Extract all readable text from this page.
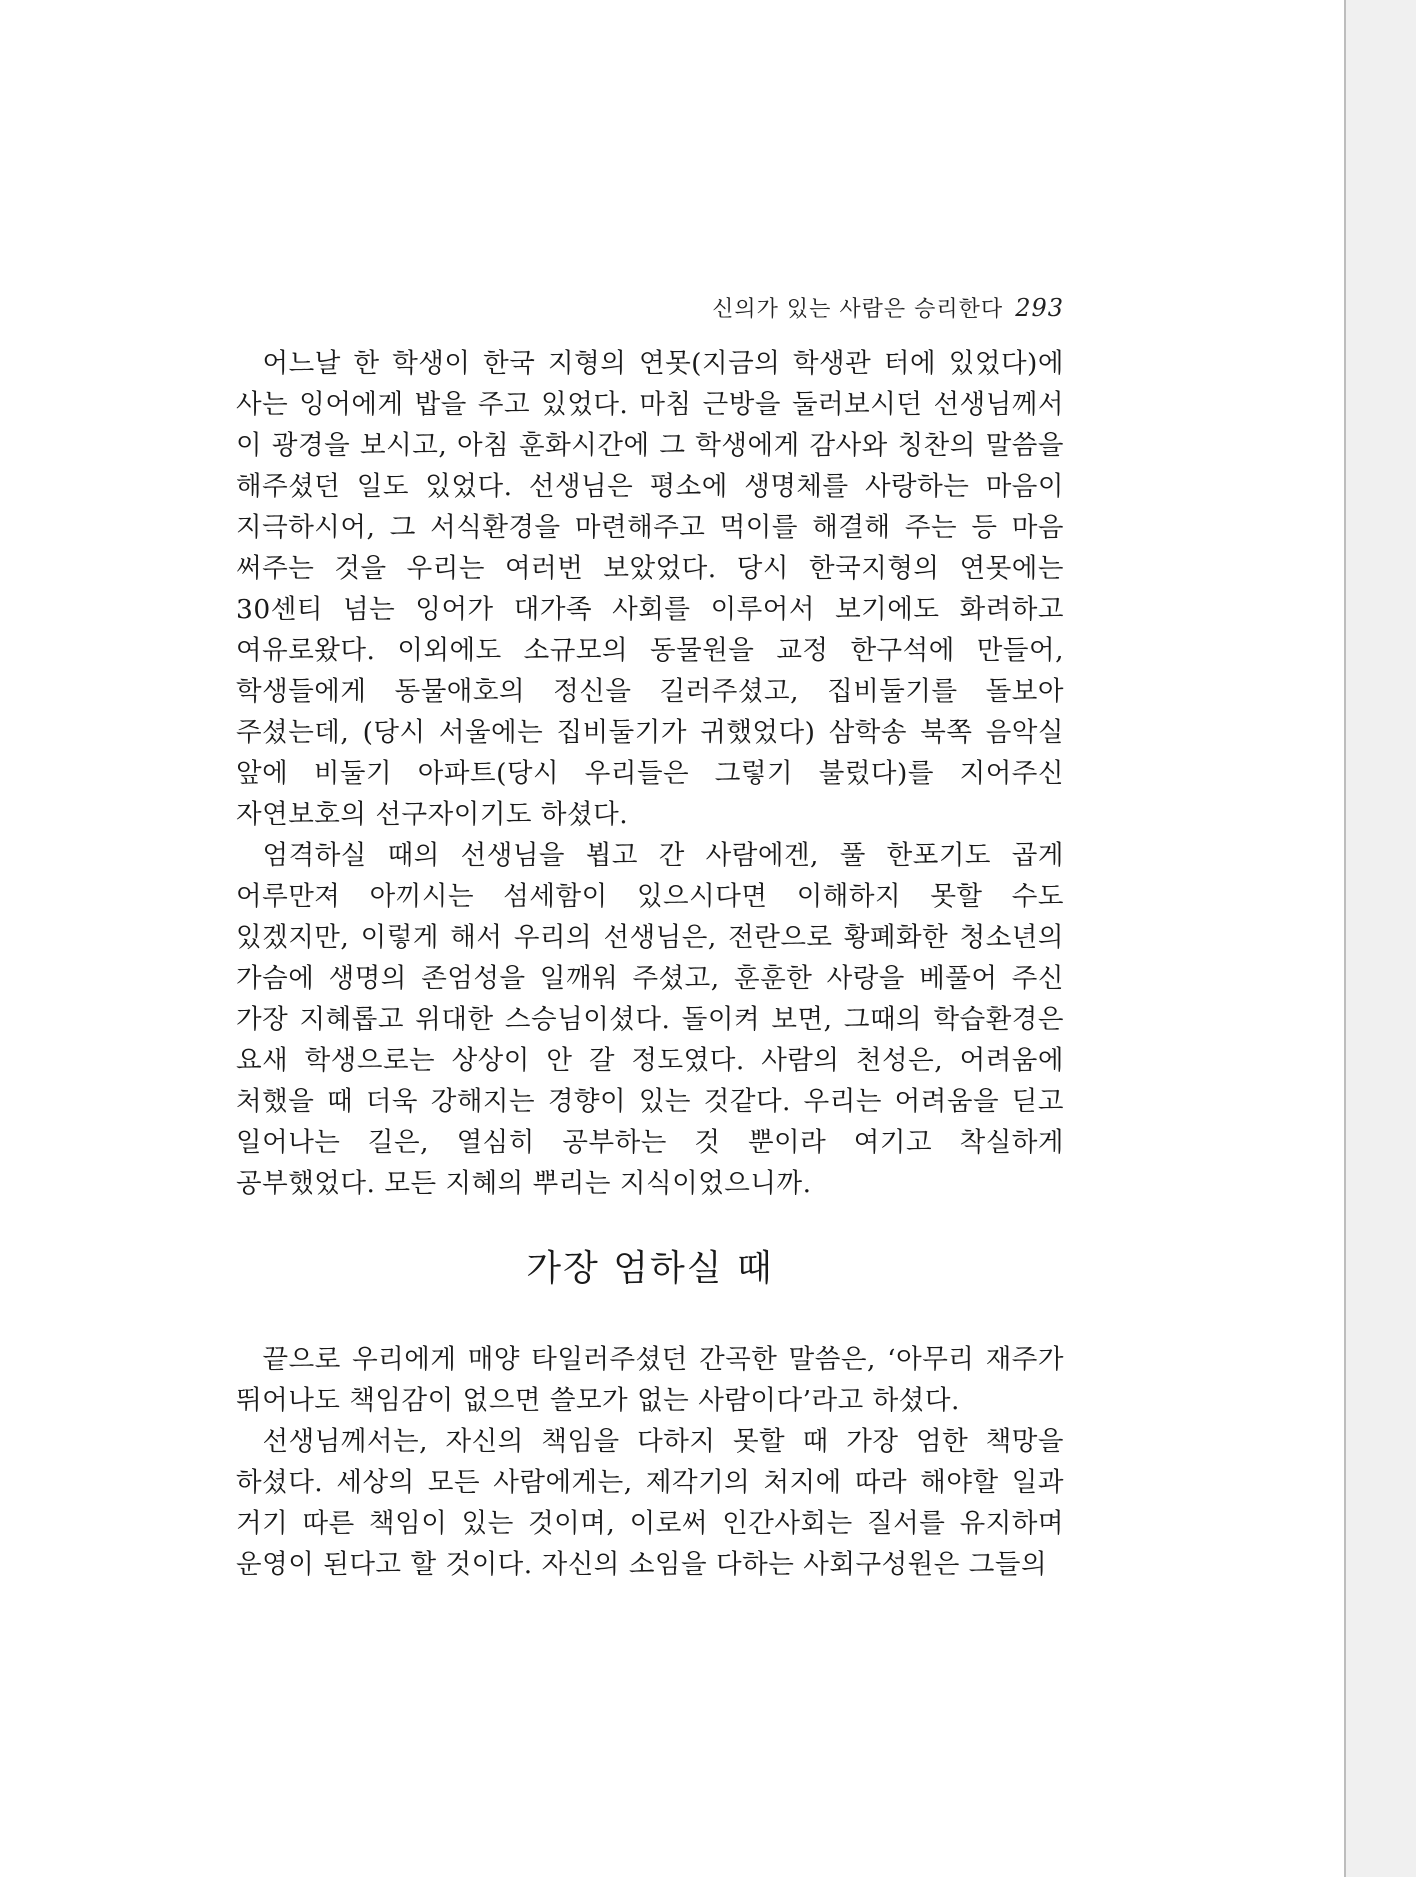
신의가 있는 사람은 승리한다 293

어느날 한 학생이 한국 지형의 연못(지금의 학생관 터에 있었다)에 사는 잉어에게 밥을 주고 있었다. 마침 근방을 둘러보시던 선생님께서 이 광경을 보시고, 아침 훈화시간에 그 학생에게 감사와 칭찬의 말씀을 해주셨던 일도 있었다. 선생님은 평소에 생명체를 사랑하는 마음이 지극하시어, 그 서식환경을 마련해주고 먹이를 해결해 주는 등 마음 써주는 것을 우리는 여러번 보았었다. 당시 한국지형의 연못에는 30센티 넘는 잉어가 대가족 사회를 이루어서 보기에도 화려하고 여유로왔다. 이외에도 소규모의 동물원을 교정 한구석에 만들어, 학생들에게 동물애호의 정신을 길러주셨고, 집비둘기를 돌보아 주셨는데, (당시 서울에는 집비둘기가 귀했었다) 삼학송 북쪽 음악실 앞에 비둘기 아파트(당시 우리들은 그렇기 불렀다)를 지어주신 자연보호의 선구자이기도 하셨다.

엄격하실 때의 선생님을 뵙고 간 사람에겐, 풀 한포기도 곱게 어루만져 아끼시는 섬세함이 있으시다면 이해하지 못할 수도 있겠지만, 이렇게 해서 우리의 선생님은, 전란으로 황폐화한 청소년의 가슴에 생명의 존엄성을 일깨워 주셨고, 훈훈한 사랑을 베풀어 주신 가장 지혜롭고 위대한 스승님이셨다. 돌이켜 보면, 그때의 학습환경은 요새 학생으로는 상상이 안 갈 정도였다. 사람의 천성은, 어려움에 처했을 때 더욱 강해지는 경향이 있는 것같다. 우리는 어려움을 딛고 일어나는 길은, 열심히 공부하는 것 뿐이라 여기고 착실하게 공부했었다. 모든 지혜의 뿌리는 지식이었으니까.

가장 엄하실 때

끝으로 우리에게 매양 타일러주셨던 간곡한 말씀은, ‘아무리 재주가 뛰어나도 책임감이 없으면 쓸모가 없는 사람이다’라고 하셨다.

선생님께서는, 자신의 책임을 다하지 못할 때 가장 엄한 책망을 하셨다. 세상의 모든 사람에게는, 제각기의 처지에 따라 해야할 일과 거기 따른 책임이 있는 것이며, 이로써 인간사회는 질서를 유지하며 운영이 된다고 할 것이다. 자신의 소임을 다하는 사회구성원은 그들의
